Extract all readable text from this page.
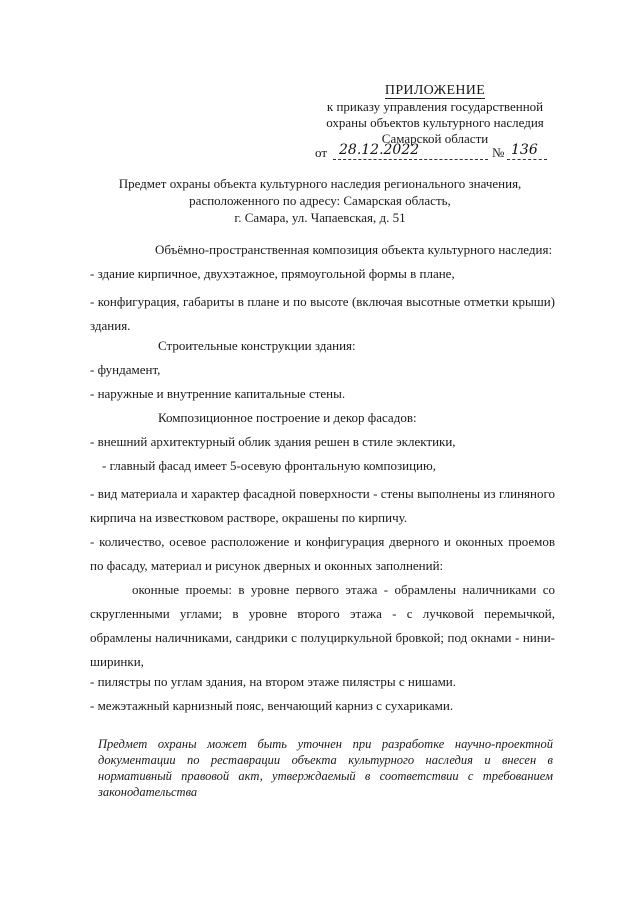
ПРИЛОЖЕНИЕ
к приказу управления государственной
охраны объектов культурного наследия
Самарской области
от 28.12.2022	№ 136
Предмет охраны объекта культурного наследия регионального значения,
расположенного по адресу: Самарская область,
г. Самара, ул. Чапаевская, д. 51
Объёмно-пространственная композиция объекта культурного наследия:
- здание кирпичное, двухэтажное, прямоугольной формы в плане,
- конфигурация, габариты в плане и по высоте (включая высотные отметки крыши) здания.
Строительные конструкции здания:
- фундамент,
- наружные и внутренние капитальные стены.
Композиционное построение и декор фасадов:
- внешний архитектурный облик здания решен в стиле эклектики,
- главный фасад имеет 5-осевую фронтальную композицию,
- вид материала и характер фасадной поверхности - стены выполнены из глиняного кирпича на известковом растворе, окрашены по кирпичу.
- количество, осевое расположение и конфигурация дверного и оконных проемов по фасаду, материал и рисунок дверных и оконных заполнений:
оконные проемы: в уровне первого этажа - обрамлены наличниками со скругленными углами; в уровне второго этажа - с лучковой перемычкой, обрамлены наличниками, сандрики с полуциркульной бровкой; под окнами - нини-ширинки,
- пилястры по углам здания, на втором этаже пилястры с нишами.
- межэтажный карнизный пояс, венчающий карниз с сухариками.
Предмет охраны может быть уточнен при разработке научно-проектной документации по реставрации объекта культурного наследия и внесен в нормативный правовой акт, утверждаемый в соответствии с требованием законодательства
